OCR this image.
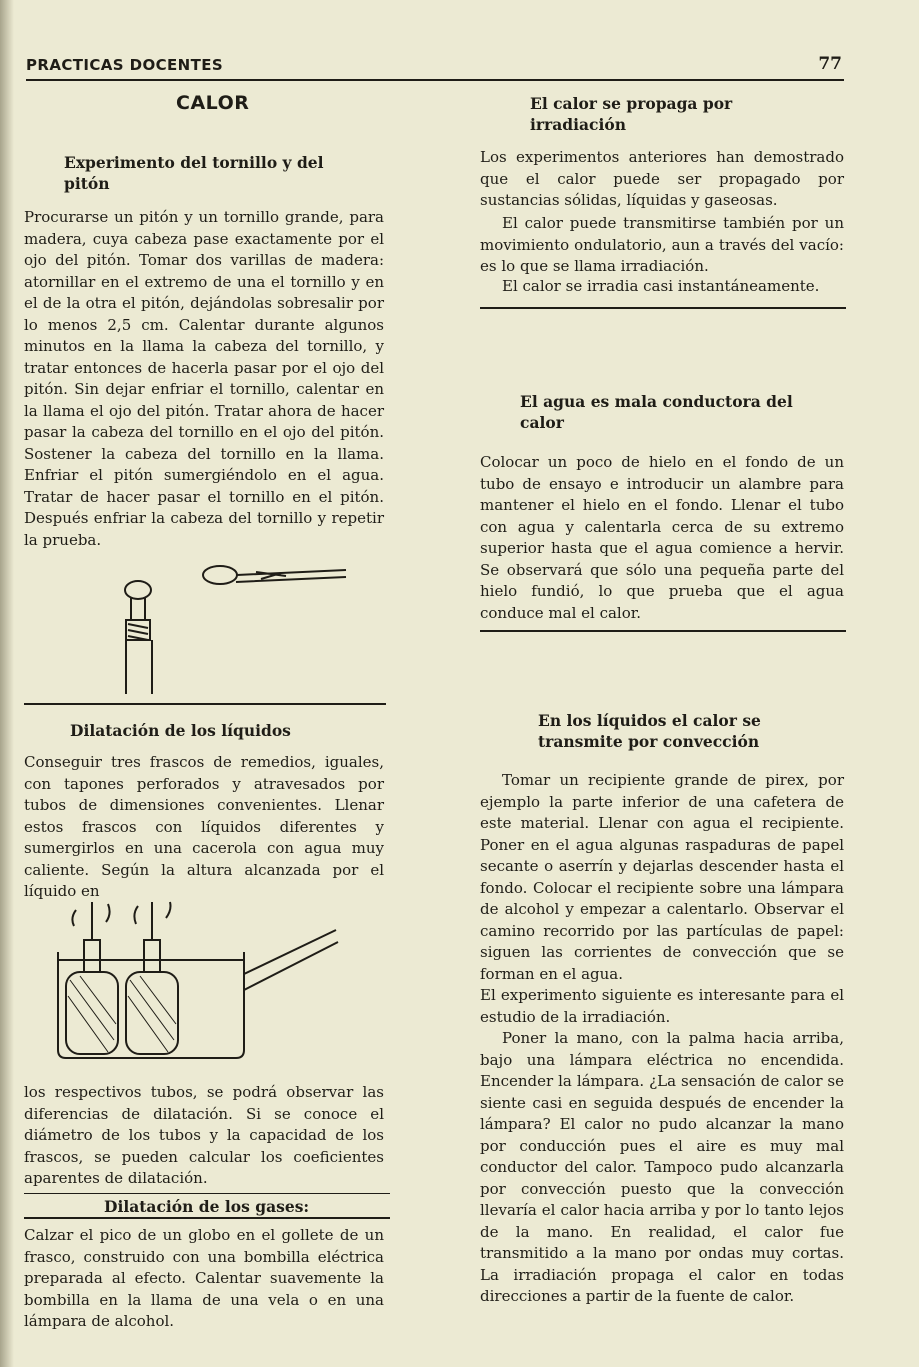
PRACTICAS DOCENTES	77
CALOR
Experimento del tornillo y del pitón

Procurarse un pitón y un tornillo grande, para madera, cuya cabeza pase exactamente por el ojo del pitón. Tomar dos varillas de madera: atornillar en el extremo de una el tornillo y en el de la otra el pitón, dejándolas sobresalir por lo menos 2,5 cm. Calentar durante algunos minutos en la llama la cabeza del tornillo, y tratar entonces de hacerla pasar por el ojo del pitón. Sin dejar enfriar el tornillo, calentar en la llama el ojo del pitón. Tratar ahora de hacer pasar la cabeza del tornillo en el ojo del pitón. Sostener la cabeza del tornillo en la llama. Enfriar el pitón sumergiéndolo en el agua. Tratar de hacer pasar el tornillo en el pitón. Después enfriar la cabeza del tornillo y repetir la prueba.

Dilatación de los líquidos

Conseguir tres frascos de remedios, iguales, con tapones perforados y atravesados por tubos de dimensiones convenientes. Llenar estos frascos con líquidos diferentes y sumergirlos en una cacerola con agua muy caliente. Según la altura alcanzada por el líquido en

los respectivos tubos, se podrá observar las diferencias de dilatación. Si se conoce el diámetro de los tubos y la capacidad de los frascos, se pueden calcular los coeficientes aparentes de dilatación.

Dilatación de los gases:

Calzar el pico de un globo en el gollete de un frasco, construido con una bombilla eléctrica preparada al efecto. Calentar suavemente la bombilla en la llama de una vela o en una lámpara de alcohol.

El calor se propaga por irradiación

Los experimentos anteriores han demostrado que el calor puede ser propagado por sustancias sólidas, líquidas y gaseosas.

El calor puede transmitirse también por un movimiento ondulatorio, aun a través del vacío: es lo que se llama irradiación.

El calor se irradia casi instantáneamente.

El agua es mala conductora del calor

Colocar un poco de hielo en el fondo de un tubo de ensayo e introducir un alambre para mantener el hielo en el fondo. Llenar el tubo con agua y calentarla cerca de su extremo superior hasta que el agua comience a hervir. Se observará que sólo una pequeña parte del hielo fundió, lo que prueba que el agua conduce mal el calor.

En los líquidos el calor se transmite por convección

Tomar un recipiente grande de pirex, por ejemplo la parte inferior de una cafetera de este material. Llenar con agua el recipiente. Poner en el agua algunas raspaduras de papel secante o aserrín y dejarlas descender hasta el fondo. Colocar el recipiente sobre una lámpara de alcohol y empezar a calentarlo. Observar el camino recorrido por las partículas de papel: siguen las corrientes de convección que se forman en el agua.

El experimento siguiente es interesante para el estudio de la irradiación.

Poner la mano, con la palma hacia arriba, bajo una lámpara eléctrica no encendida. Encender la lámpara. ¿La sensación de calor se siente casi en seguida después de encender la lámpara? El calor no pudo alcanzar la mano por conducción pues el aire es muy mal conductor del calor. Tampoco pudo alcanzarla por convección puesto que la convección llevaría el calor hacia arriba y por lo tanto lejos de la mano. En realidad, el calor fue transmitido a la mano por ondas muy cortas. La irradiación propaga el calor en todas direcciones a partir de la fuente de calor.
